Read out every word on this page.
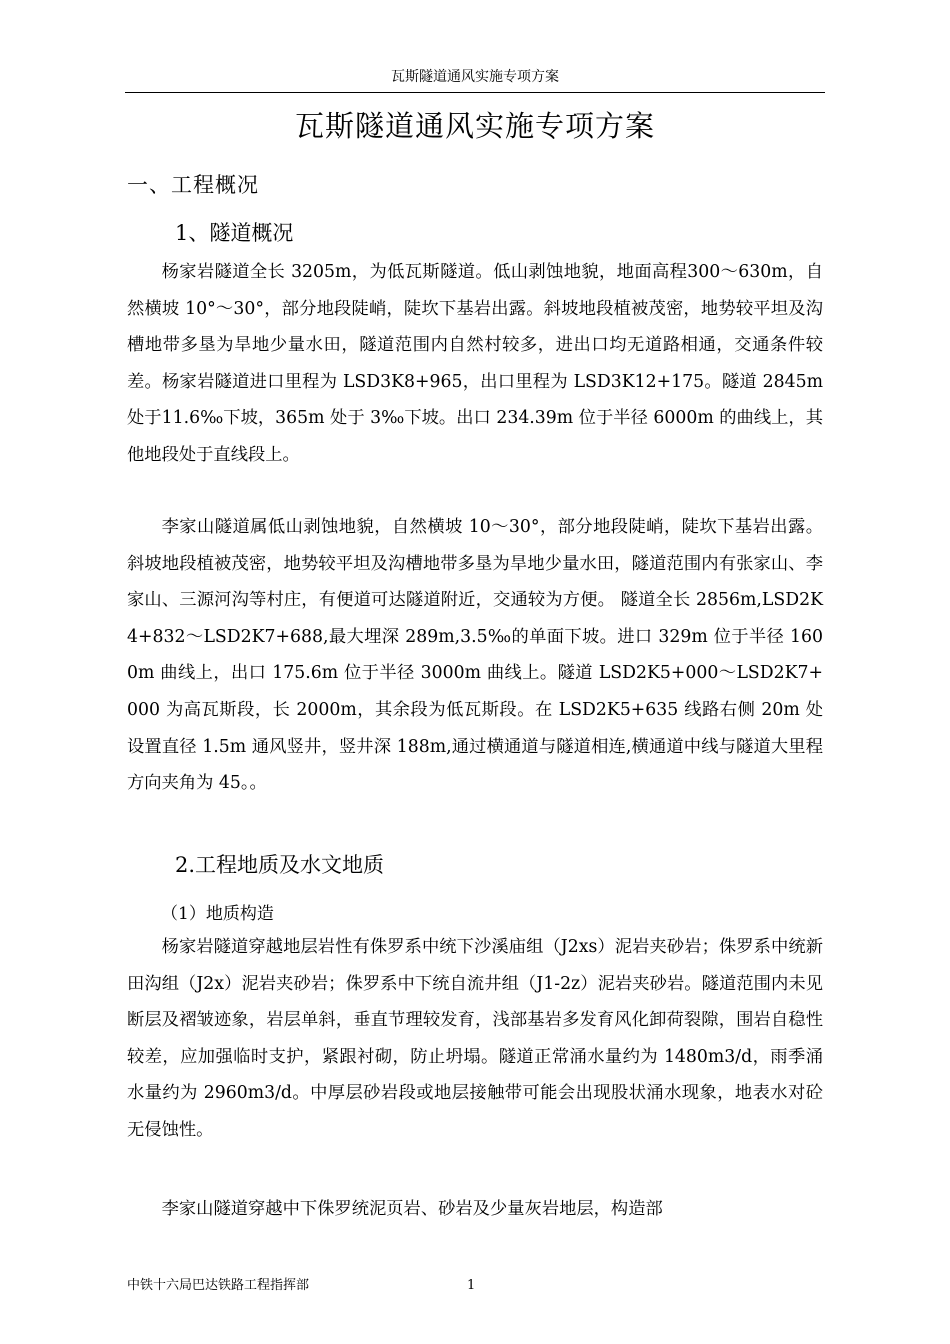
瓦斯隧道通风实施专项方案
瓦斯隧道通风实施专项方案
一、工程概况
1、隧道概况

杨家岩隧道全长 3205m，为低瓦斯隧道。低山剥蚀地貌，地面高程300～630m，自然横坡 10°～30°，部分地段陡峭，陡坎下基岩出露。斜坡地段植被茂密，地势较平坦及沟槽地带多垦为旱地少量水田，隧道范围内自然村较多，进出口均无道路相通，交通条件较差。杨家岩隧道进口里程为 LSD3K8+965，出口里程为 LSD3K12+175。隧道 2845m 处于11.6‰下坡，365m 处于 3‰下坡。出口 234.39m 位于半径 6000m 的曲线上，其他地段处于直线段上。

李家山隧道属低山剥蚀地貌，自然横坡 10～30°，部分地段陡峭，陡坎下基岩出露。斜坡地段植被茂密，地势较平坦及沟槽地带多垦为旱地少量水田，隧道范围内有张家山、李家山、三源河沟等村庄，有便道可达隧道附近，交通较为方便。 隧道全长 2856m,LSD2K4+832～LSD2K7+688,最大埋深 289m,3.5‰的单面下坡。进口 329m 位于半径 1600m 曲线上，出口 175.6m 位于半径 3000m 曲线上。隧道 LSD2K5+000～LSD2K7+000 为高瓦斯段，长 2000m，其余段为低瓦斯段。在 LSD2K5+635 线路右侧 20m 处设置直径 1.5m 通风竖井，竖井深 188m,通过横通道与隧道相连,横通道中线与隧道大里程方向夹角为 45。。

2.工程地质及水文地质
（1）地质构造

杨家岩隧道穿越地层岩性有侏罗系中统下沙溪庙组（J2xs）泥岩夹砂岩；侏罗系中统新田沟组（J2x）泥岩夹砂岩；侏罗系中下统自流井组（J1-2z）泥岩夹砂岩。隧道范围内未见断层及褶皱迹象，岩层单斜，垂直节理较发育，浅部基岩多发育风化卸荷裂隙，围岩自稳性较差，应加强临时支护，紧跟衬砌，防止坍塌。隧道正常涌水量约为 1480m3/d，雨季涌水量约为 2960m3/d。中厚层砂岩段或地层接触带可能会出现股状涌水现象，地表水对砼无侵蚀性。

李家山隧道穿越中下侏罗统泥页岩、砂岩及少量灰岩地层，构造部

中铁十六局巴达铁路工程指挥部	1
